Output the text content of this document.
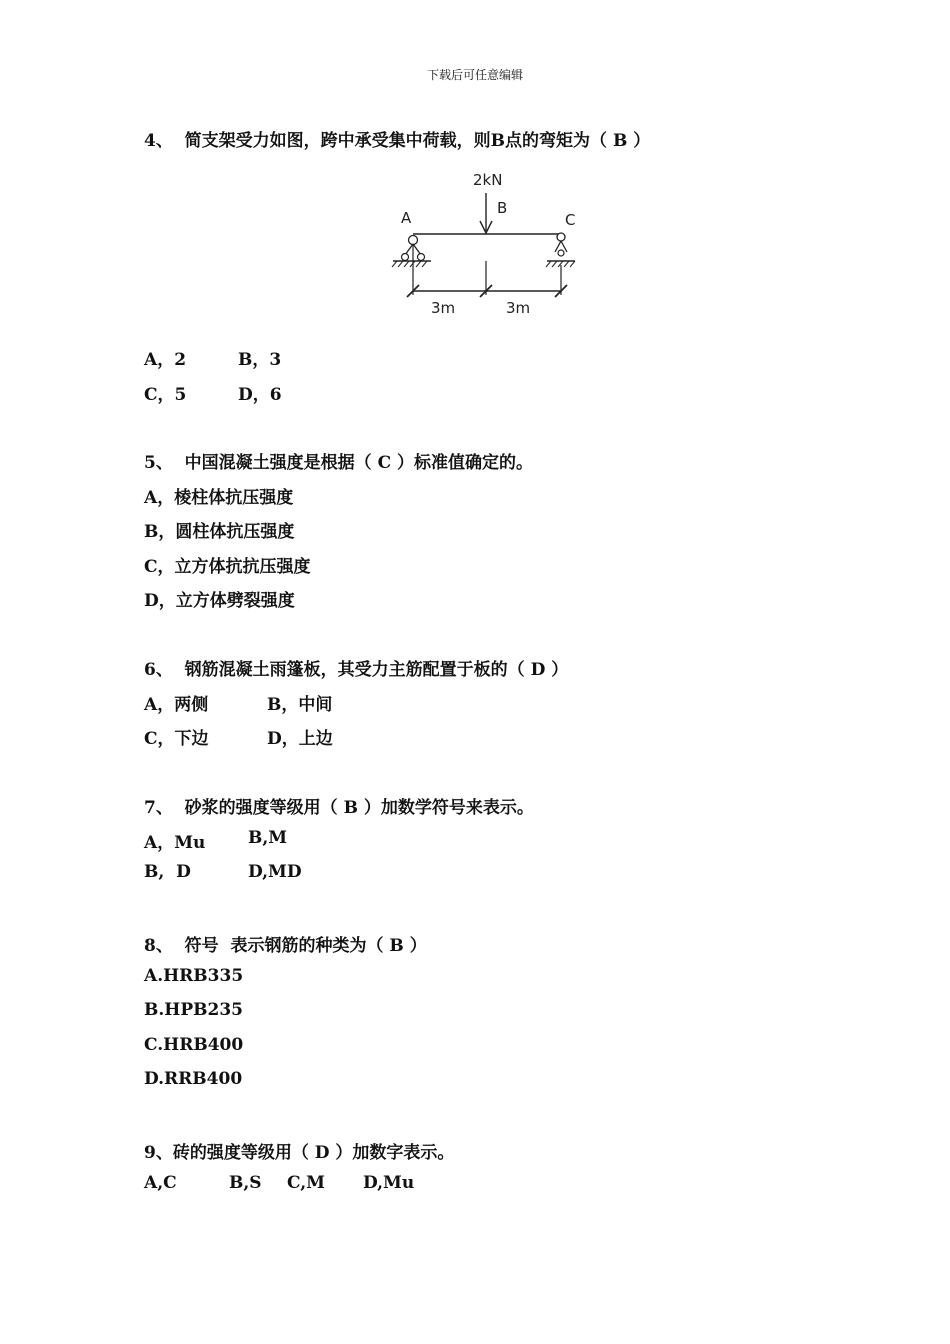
下载后可任意编辑
4、  简支架受力如图，跨中承受集中荷载，则B点的弯矩为（ B ）
2kN
B
A	C
3m	3m
A，2	B，3
C，5	D，6
5、  中国混凝土强度是根据（ C ）标准值确定的。
A，棱柱体抗压强度
B，圆柱体抗压强度
C，立方体抗抗压强度
D，立方体劈裂强度
6、  钢筋混凝土雨篷板，其受力主筋配置于板的（ D ）
A，两侧	B，中间
C，下边	D，上边
7、  砂浆的强度等级用（ B ）加数学符号来表示。
A，Mu	B,M
B,  D	D,MD
8、  符号  表示钢筋的种类为（ B ）
A.HRB335
B.HPB235
C.HRB400
D.RRB400
9、砖的强度等级用（ D ）加数字表示。
A,C	B,S C,M D,Mu
